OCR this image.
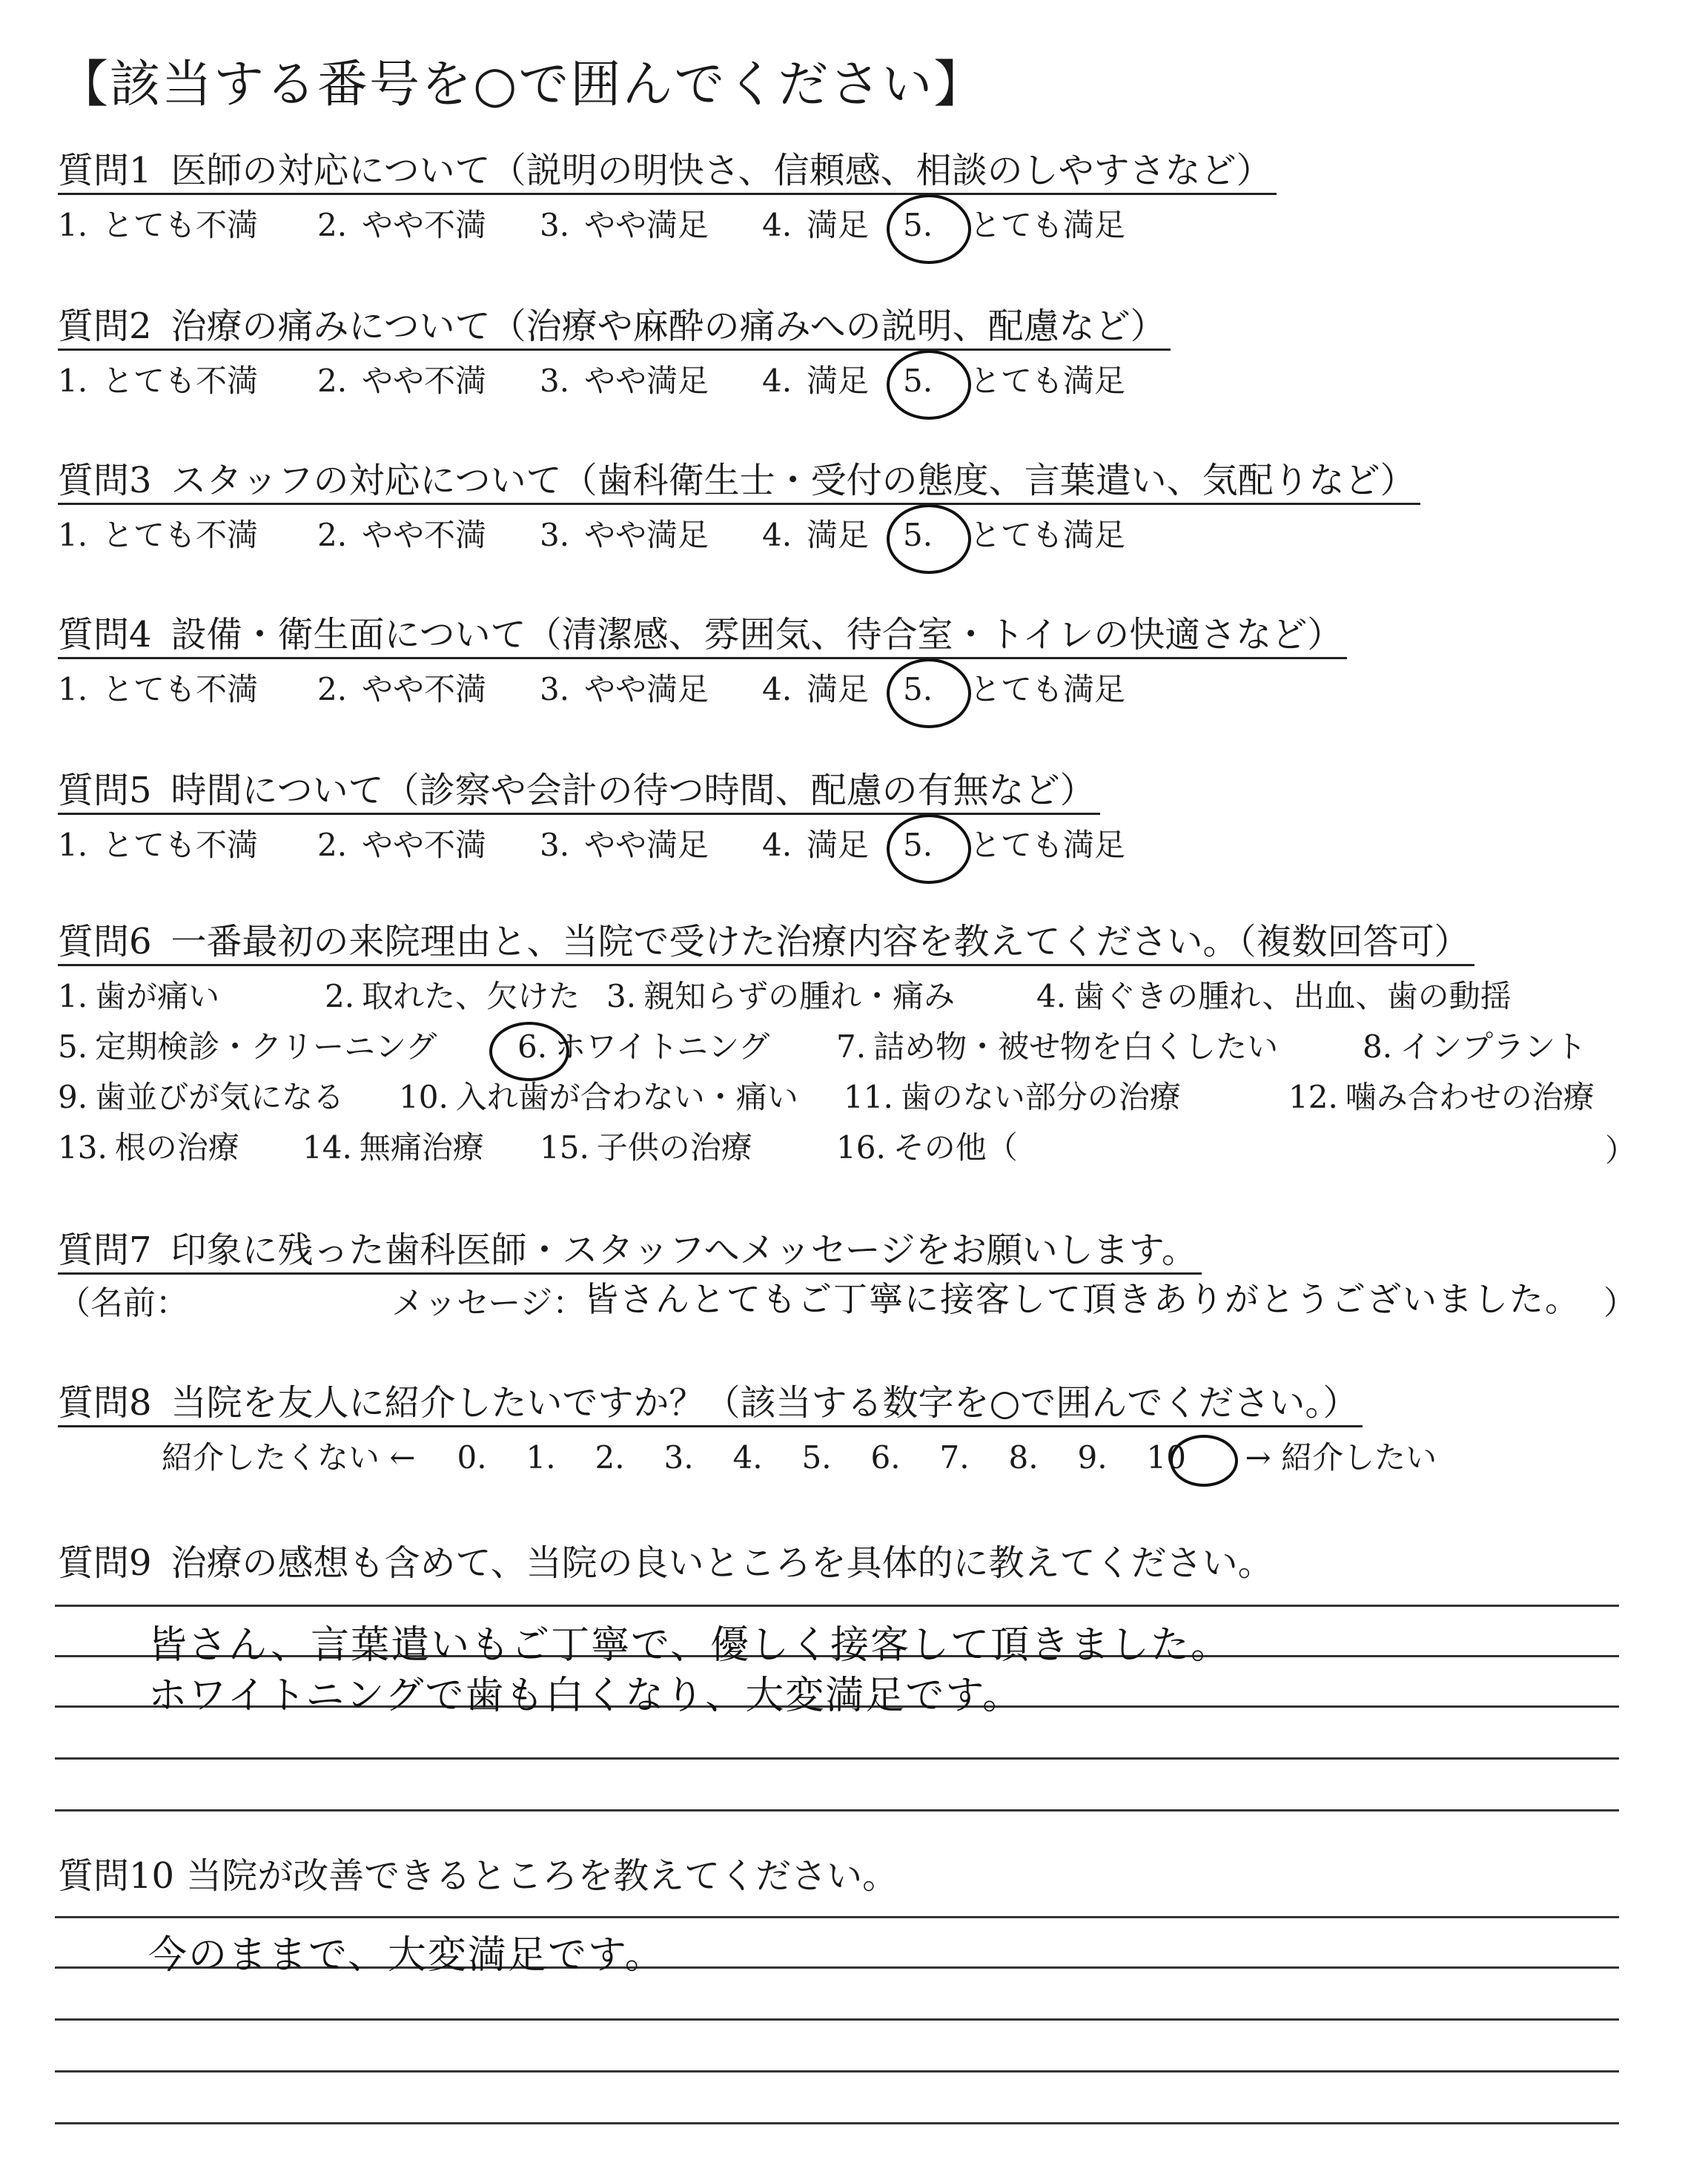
【該当する番号を○で囲んでください】
質問1 医師の対応について（説明の明快さ、信頼感、相談のしやすさなど）
1. とても不満 2. やや不満 3. やや満足 4. 満足 5. とても満足
質問2 治療の痛みについて（治療や麻酔の痛みへの説明、配慮など）
1. とても不満 2. やや不満 3. やや満足 4. 満足 5. とても満足
質問3 スタッフの対応について（歯科衛生士・受付の態度、言葉遣い、気配りなど）
1. とても不満 2. やや不満 3. やや満足 4. 満足 5. とても満足
質問4 設備・衛生面について（清潔感、雰囲気、待合室・トイレの快適さなど）
1. とても不満 2. やや不満 3. やや満足 4. 満足 5. とても満足
質問5 時間について（診察や会計の待つ時間、配慮の有無など）
1. とても不満 2. やや不満 3. やや満足 4. 満足 5. とても満足
質問6 一番最初の来院理由と、当院で受けた治療内容を教えてください。（複数回答可）
1. 歯が痛い	2. 取れた、欠けた 3. 親知らずの腫れ・痛み	4. 歯ぐきの腫れ、出血、歯の動揺
5. 定期検診・クリーニング	6. ホワイトニング 7. 詰め物・被せ物を白くしたい	8. インプラント
9. 歯並びが気になる 10. 入れ歯が合わない・痛い 11. 歯のない部分の治療	12. 噛み合わせの治療
13. 根の治療 14. 無痛治療 15. 子供の治療	16. その他（	）
質問7 印象に残った歯科医師・スタッフへメッセージをお願いします。
（名前：	メッセージ：
皆さんとてもご丁寧に接客して頂きありがとうございました。 ）
質問8 当院を友人に紹介したいですか？（該当する数字を○で囲んでください。）
紹介したくない ← 0. 1. 2. 3. 4. 5. 6. 7. 8. 9. 10 → 紹介したい
質問9 治療の感想も含めて、当院の良いところを具体的に教えてください。
皆さん、言葉遣いもご丁寧で、優しく接客して頂きました。
ホワイトニングで歯も白くなり、大変満足です。
質問10 当院が改善できるところを教えてください。
今のままで、大変満足です。
